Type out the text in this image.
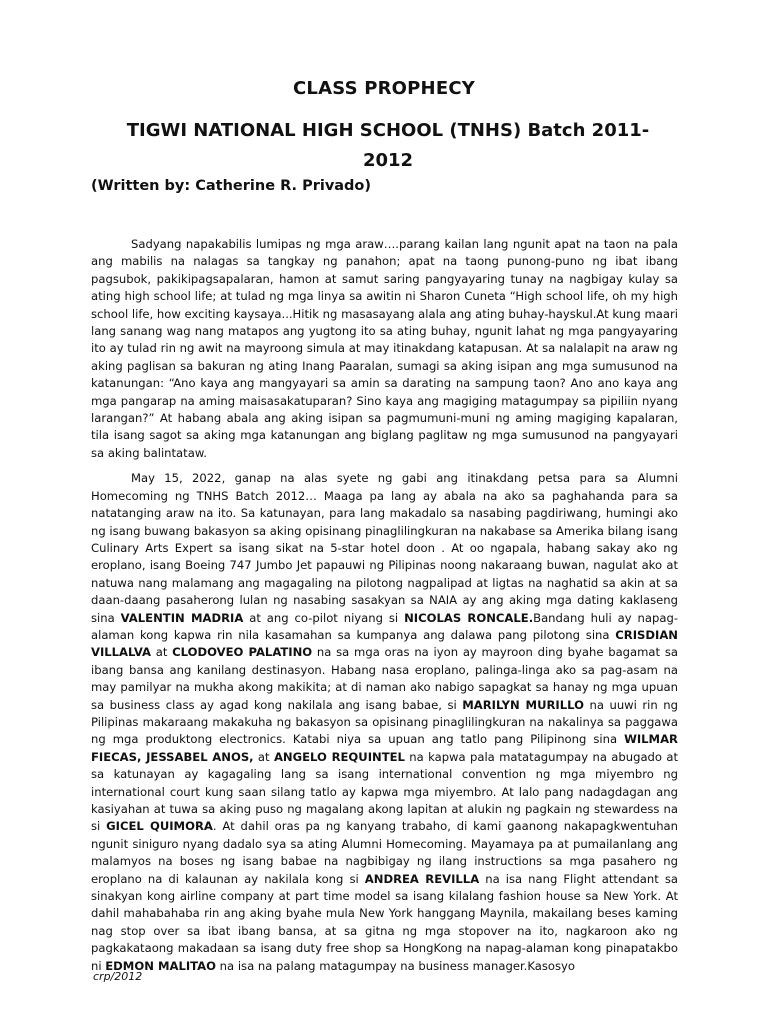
CLASS PROPHECY
TIGWI NATIONAL HIGH SCHOOL (TNHS) Batch 2011-2012
(Written by: Catherine R. Privado)

Sadyang napakabilis lumipas ng mga araw….parang kailan lang ngunit apat na taon na pala ang mabilis na nalagas sa tangkay ng panahon; apat na taong punong-puno ng ibat ibang pagsubok, pakikipagsapalaran, hamon at samut saring pangyayaring tunay na nagbigay kulay sa ating high school life; at tulad ng mga linya sa awitin ni Sharon Cuneta “High school life, oh my high school life, how exciting kaysaya...Hitik ng masasayang alala ang ating buhay-hayskul.At kung maari lang sanang wag nang matapos ang yugtong ito sa ating buhay, ngunit lahat ng mga pangyayaring ito ay tulad rin ng awit na mayroong simula at may itinakdang katapusan. At sa nalalapit na araw ng aking paglisan sa bakuran ng ating Inang Paaralan, sumagi sa aking isipan ang mga sumusunod na katanungan: “Ano kaya ang mangyayari sa amin sa darating na sampung taon? Ano ano kaya ang mga pangarap na aming maisasakatuparan? Sino kaya ang magiging matagumpay sa pipiliin nyang larangan?” At habang abala ang aking isipan sa pagmumuni-muni ng aming magiging kapalaran, tila isang sagot sa aking mga katanungan ang biglang paglitaw ng mga sumusunod na pangyayari sa aking balintataw.

May 15, 2022, ganap na alas syete ng gabi ang itinakdang petsa para sa Alumni Homecoming ng TNHS Batch 2012… Maaga pa lang ay abala na ako sa paghahanda para sa natatanging araw na ito. Sa katunayan, para lang makadalo sa nasabing pagdiriwang, humingi ako ng isang buwang bakasyon sa aking opisinang pinaglilingkuran na nakabase sa Amerika bilang isang Culinary Arts Expert sa isang sikat na 5-star hotel doon . At oo ngapala, habang sakay ako ng eroplano, isang Boeing 747 Jumbo Jet papauwi ng Pilipinas noong nakaraang buwan, nagulat ako at natuwa nang malamang ang magagaling na pilotong nagpalipad at ligtas na naghatid sa akin at sa daan-daang pasaherong lulan ng nasabing sasakyan sa NAIA ay ang aking mga dating kaklaseng sina VALENTIN MADRIA at ang co-pilot niyang si NICOLAS RONCALE.Bandang huli ay napag-alaman kong kapwa rin nila kasamahan sa kumpanya ang dalawa pang pilotong sina CRISDIAN VILLALVA at CLODOVEO PALATINO na sa mga oras na iyon ay mayroon ding byahe bagamat sa ibang bansa ang kanilang destinasyon. Habang nasa eroplano, palinga-linga ako sa pag-asam na may pamilyar na mukha akong makikita; at di naman ako nabigo sapagkat sa hanay ng mga upuan sa business class ay agad kong nakilala ang isang babae, si MARILYN MURILLO na uuwi rin ng Pilipinas makaraang makakuha ng bakasyon sa opisinang pinaglilingkuran na nakalinya sa paggawa ng mga produktong electronics. Katabi niya sa upuan ang tatlo pang Pilipinong sina WILMAR FIECAS, JESSABEL ANOS, at ANGELO REQUINTEL na kapwa pala matatagumpay na abugado at sa katunayan ay kagagaling lang sa isang international convention ng mga miyembro ng international court kung saan silang tatlo ay kapwa mga miyembro. At lalo pang nadagdagan ang kasiyahan at tuwa sa aking puso ng magalang akong lapitan at alukin ng pagkain ng stewardess na si GICEL QUIMORA. At dahil oras pa ng kanyang trabaho, di kami gaanong nakapagkwentuhan ngunit siniguro nyang dadalo sya sa ating Alumni Homecoming. Mayamaya pa at pumailanlang ang malamyos na boses ng isang babae na nagbibigay ng ilang instructions sa mga pasahero ng eroplano na di kalaunan ay nakilala kong si ANDREA REVILLA na isa nang Flight attendant sa sinakyan kong airline company at part time model sa isang kilalang fashion house sa New York. At dahil mahabahaba rin ang aking byahe mula New York hanggang Maynila, makailang beses kaming nag stop over sa ibat ibang bansa, at sa gitna ng mga stopover na ito, nagkaroon ako ng pagkakataong makadaan sa isang duty free shop sa HongKong na napag-alaman kong pinapatakbo ni EDMON MALITAO na isa na palang matagumpay na business manager.Kasosyo

crp/2012
